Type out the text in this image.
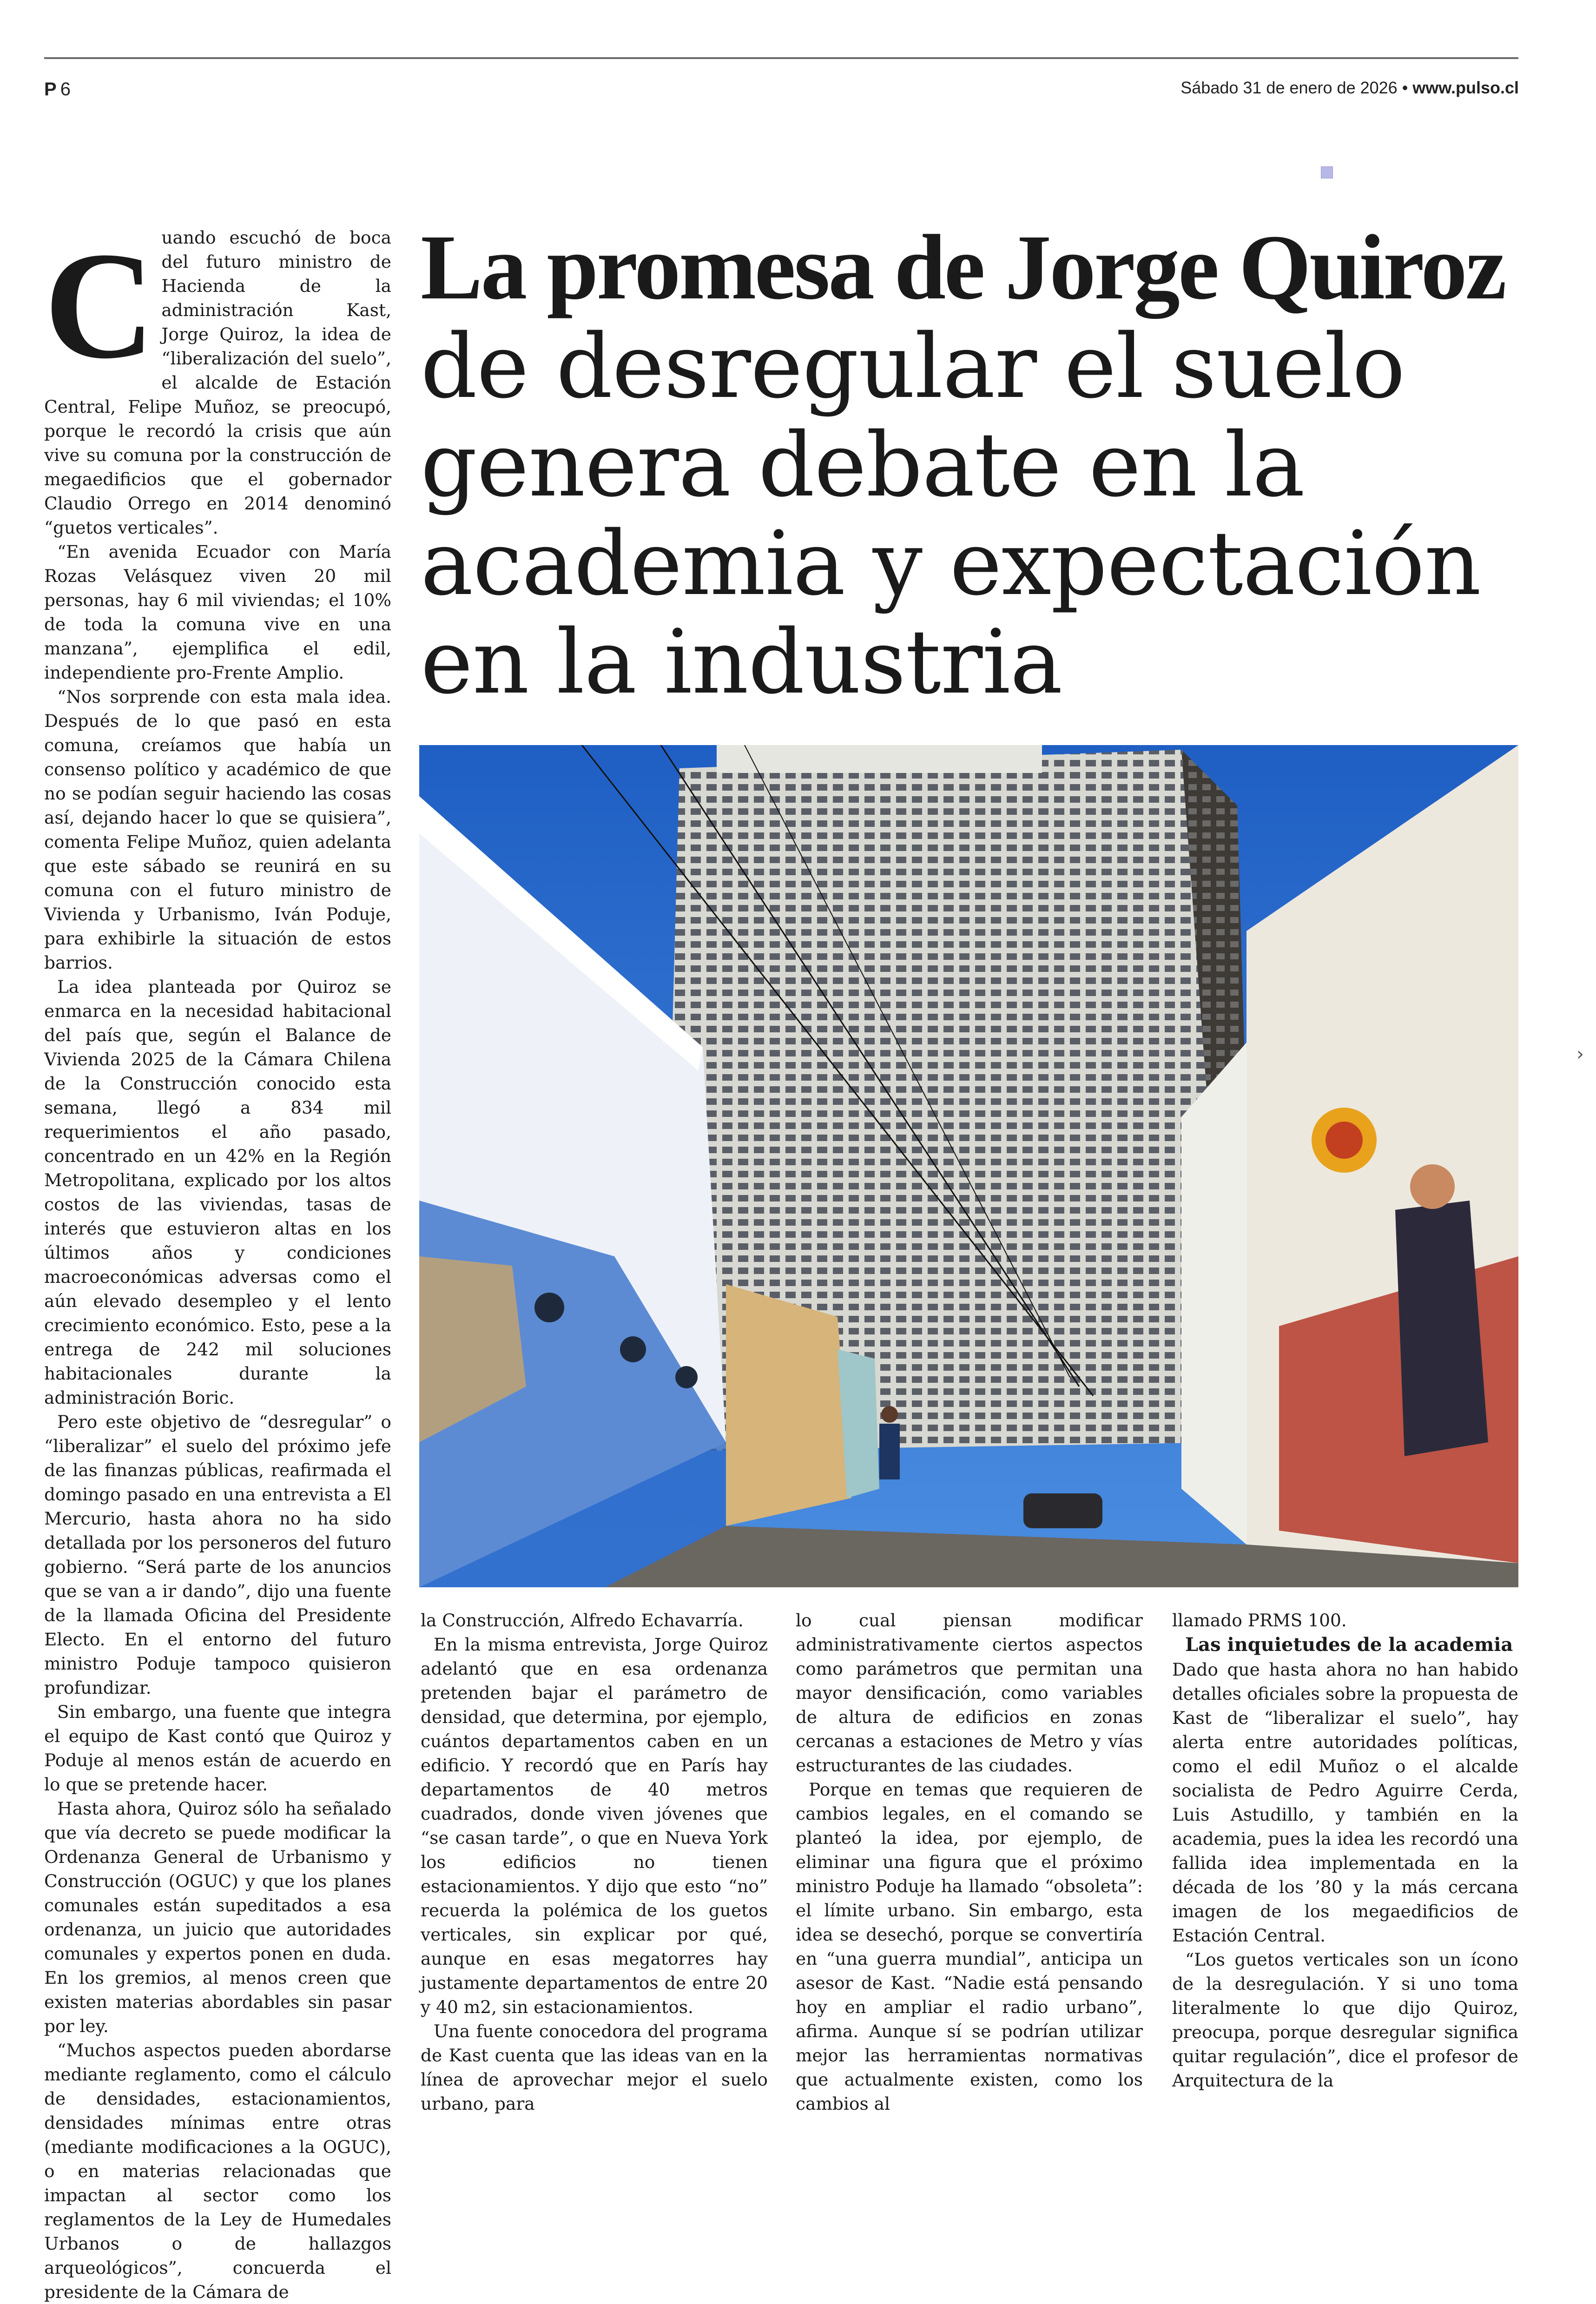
P 6	Sábado 31 de enero de 2026 • www.pulso.cl
›
La promesa de Jorge Quiroz de desregular el suelo genera debate en la academia y expectación en la industria

Cuando escuchó de boca del futuro ministro de Hacienda de la administración Kast, Jorge Quiroz, la idea de “liberalización del suelo”, el alcalde de Estación Central, Felipe Muñoz, se preocupó, porque le recordó la crisis que aún vive su comuna por la construcción de megaedificios que el gobernador Claudio Orrego en 2014 denominó “guetos verticales”.

“En avenida Ecuador con María Rozas Velásquez viven 20 mil personas, hay 6 mil viviendas; el 10% de toda la comuna vive en una manzana”, ejemplifica el edil, independiente pro-Frente Amplio.

“Nos sorprende con esta mala idea. Después de lo que pasó en esta comuna, creíamos que había un consenso político y académico de que no se podían seguir haciendo las cosas así, dejando hacer lo que se quisiera”, comenta Felipe Muñoz, quien adelanta que este sábado se reunirá en su comuna con el futuro ministro de Vivienda y Urbanismo, Iván Poduje, para exhibirle la situación de estos barrios.

La idea planteada por Quiroz se enmarca en la necesidad habitacional del país que, según el Balance de Vivienda 2025 de la Cámara Chilena de la Construcción conocido esta semana, llegó a 834 mil requerimientos el año pasado, concentrado en un 42% en la Región Metropolitana, explicado por los altos costos de las viviendas, tasas de interés que estuvieron altas en los últimos años y condiciones macroeconómicas adversas como el aún elevado desempleo y el lento crecimiento económico. Esto, pese a la entrega de 242 mil soluciones habitacionales durante la administración Boric.

Pero este objetivo de “desregular” o “liberalizar” el suelo del próximo jefe de las finanzas públicas, reafirmada el domingo pasado en una entrevista a El Mercurio, hasta ahora no ha sido detallada por los personeros del futuro gobierno. “Será parte de los anuncios que se van a ir dando”, dijo una fuente de la llamada Oficina del Presidente Electo. En el entorno del futuro ministro Poduje tampoco quisieron profundizar.

Sin embargo, una fuente que integra el equipo de Kast contó que Quiroz y Poduje al menos están de acuerdo en lo que se pretende hacer.

Hasta ahora, Quiroz sólo ha señalado que vía decreto se puede modificar la Ordenanza General de Urbanismo y Construcción (OGUC) y que los planes comunales están supeditados a esa ordenanza, un juicio que autoridades comunales y expertos ponen en duda. En los gremios, al menos creen que existen materias abordables sin pasar por ley.

“Muchos aspectos pueden abordarse mediante reglamento, como el cálculo de densidades, estacionamientos, densidades mínimas entre otras (mediante modificaciones a la OGUC), o en materias relacionadas que impactan al sector como los reglamentos de la Ley de Humedales Urbanos o de hallazgos arqueológicos”, concuerda el presidente de la Cámara de

la Construcción, Alfredo Echavarría.

En la misma entrevista, Jorge Quiroz adelantó que en esa ordenanza pretenden bajar el parámetro de densidad, que determina, por ejemplo, cuántos departamentos caben en un edificio. Y recordó que en París hay departamentos de 40 metros cuadrados, donde viven jóvenes que “se casan tarde”, o que en Nueva York los edificios no tienen estacionamientos. Y dijo que esto “no” recuerda la polémica de los guetos verticales, sin explicar por qué, aunque en esas megatorres hay justamente departamentos de entre 20 y 40 m2, sin estacionamientos.

Una fuente conocedora del programa de Kast cuenta que las ideas van en la línea de aprovechar mejor el suelo urbano, para

lo cual piensan modificar administrativamente ciertos aspectos como parámetros que permitan una mayor densificación, como variables de altura de edificios en zonas cercanas a estaciones de Metro y vías estructurantes de las ciudades.

Porque en temas que requieren de cambios legales, en el comando se planteó la idea, por ejemplo, de eliminar una figura que el próximo ministro Poduje ha llamado “obsoleta”: el límite urbano. Sin embargo, esta idea se desechó, porque se convertiría en “una guerra mundial”, anticipa un asesor de Kast. “Nadie está pensando hoy en ampliar el radio urbano”, afirma. Aunque sí se podrían utilizar mejor las herramientas normativas que actualmente existen, como los cambios al

llamado PRMS 100.

Las inquietudes de la academia

Dado que hasta ahora no han habido detalles oficiales sobre la propuesta de Kast de “liberalizar el suelo”, hay alerta entre autoridades políticas, como el edil Muñoz o el alcalde socialista de Pedro Aguirre Cerda, Luis Astudillo, y también en la academia, pues la idea les recordó una fallida idea implementada en la década de los ’80 y la más cercana imagen de los megaedificios de Estación Central.

“Los guetos verticales son un ícono de la desregulación. Y si uno toma literalmente lo que dijo Quiroz, preocupa, porque desregular significa quitar regulación”, dice el profesor de Arquitectura de la
